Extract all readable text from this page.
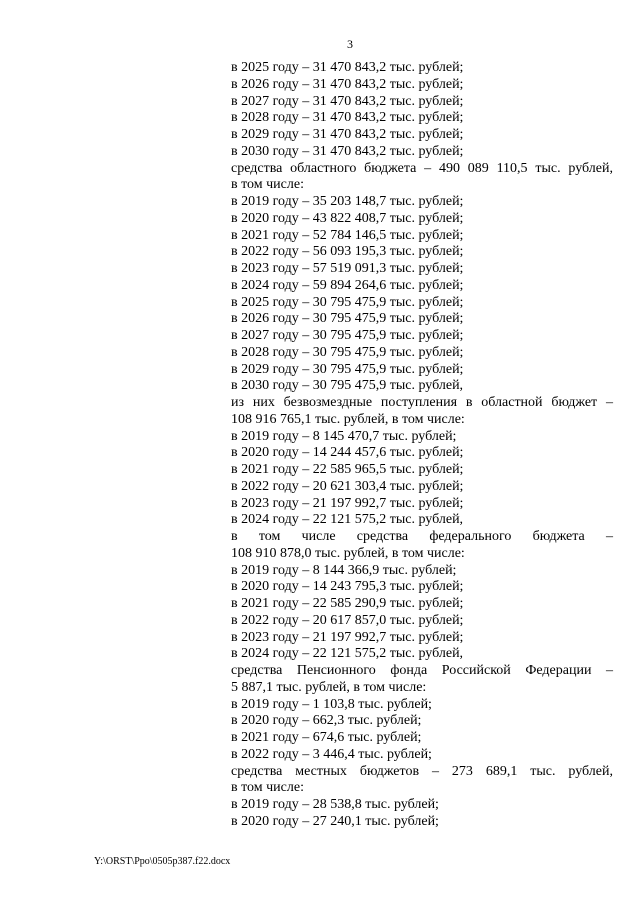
3
в 2025 году – 31 470 843,2 тыс. рублей;
в 2026 году – 31 470 843,2 тыс. рублей;
в 2027 году – 31 470 843,2 тыс. рублей;
в 2028 году – 31 470 843,2 тыс. рублей;
в 2029 году – 31 470 843,2 тыс. рублей;
в 2030 году – 31 470 843,2 тыс. рублей;
средства областного бюджета – 490 089 110,5 тыс. рублей,
в том числе:
в 2019 году – 35 203 148,7 тыс. рублей;
в 2020 году – 43 822 408,7 тыс. рублей;
в 2021 году – 52 784 146,5 тыс. рублей;
в 2022 году – 56 093 195,3 тыс. рублей;
в 2023 году – 57 519 091,3 тыс. рублей;
в 2024 году – 59 894 264,6 тыс. рублей;
в 2025 году – 30 795 475,9 тыс. рублей;
в 2026 году – 30 795 475,9 тыс. рублей;
в 2027 году – 30 795 475,9 тыс. рублей;
в 2028 году – 30 795 475,9 тыс. рублей;
в 2029 году – 30 795 475,9 тыс. рублей;
в 2030 году – 30 795 475,9 тыс. рублей,
из них безвозмездные поступления в областной бюджет –
108 916 765,1 тыс. рублей, в том числе:
в 2019 году – 8 145 470,7 тыс. рублей;
в 2020 году – 14 244 457,6 тыс. рублей;
в 2021 году – 22 585 965,5 тыс. рублей;
в 2022 году – 20 621 303,4 тыс. рублей;
в 2023 году – 21 197 992,7 тыс. рублей;
в 2024 году – 22 121 575,2 тыс. рублей,
в том числе средства федерального бюджета –
108 910 878,0 тыс. рублей, в том числе:
в 2019 году – 8 144 366,9 тыс. рублей;
в 2020 году – 14 243 795,3 тыс. рублей;
в 2021 году – 22 585 290,9 тыс. рублей;
в 2022 году – 20 617 857,0 тыс. рублей;
в 2023 году – 21 197 992,7 тыс. рублей;
в 2024 году – 22 121 575,2 тыс. рублей,
средства Пенсионного фонда Российской Федерации –
5 887,1 тыс. рублей, в том числе:
в 2019 году – 1 103,8 тыс. рублей;
в 2020 году – 662,3 тыс. рублей;
в 2021 году – 674,6 тыс. рублей;
в 2022 году – 3 446,4 тыс. рублей;
средства местных бюджетов – 273 689,1 тыс. рублей,
в том числе:
в 2019 году – 28 538,8 тыс. рублей;
в 2020 году – 27 240,1 тыс. рублей;
Y:\ORST\Ppo\0505p387.f22.docx
